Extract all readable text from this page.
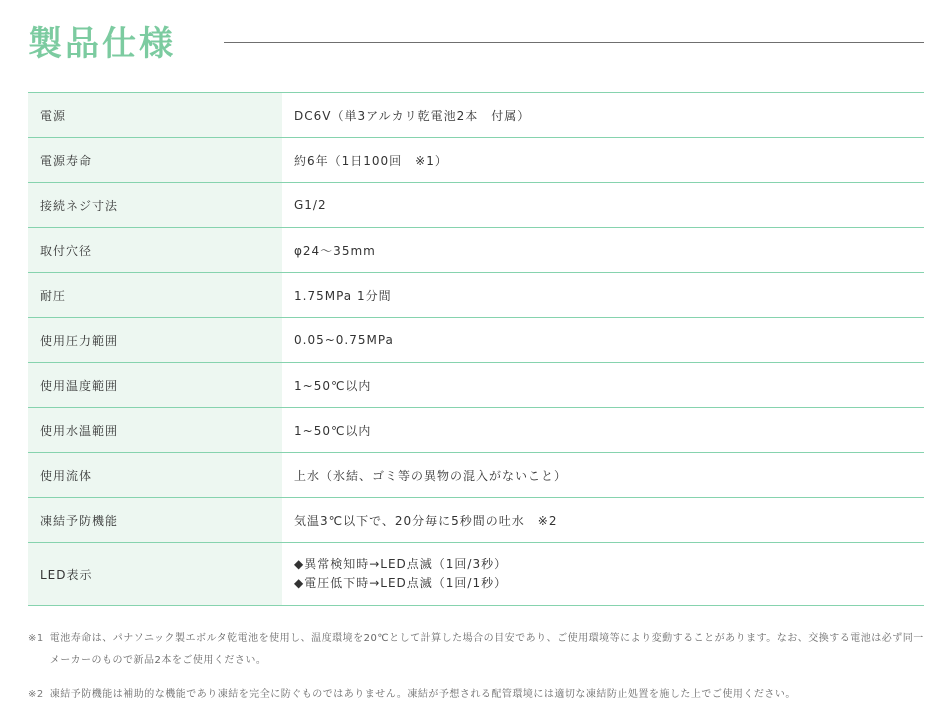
製品仕様
電源	DC6V（単3アルカリ乾電池2本　付属）
電源寿命	約6年（1日100回　※1）
接続ネジ寸法	G1/2
取付穴径	φ24〜35mm
耐圧	1.75MPa 1分間
使用圧力範囲	0.05~0.75MPa
使用温度範囲	1~50℃以内
使用水温範囲	1~50℃以内
使用流体	上水（氷結、ゴミ等の異物の混入がないこと）
凍結予防機能	気温3℃以下で、20分毎に5秒間の吐水　※2
LED表示	◆異常検知時→LED点滅（1回/3秒）
◆電圧低下時→LED点滅（1回/1秒）
※1 電池寿命は、パナソニック製エボルタ乾電池を使用し、温度環境を20℃として計算した場合の目安であり、ご使用環境等により変動することがあります。なお、交換する電池は必ず同一メーカーのもので新品2本をご使用ください。
※2 凍結予防機能は補助的な機能であり凍結を完全に防ぐものではありません。凍結が予想される配管環境には適切な凍結防止処置を施した上でご使用ください。
